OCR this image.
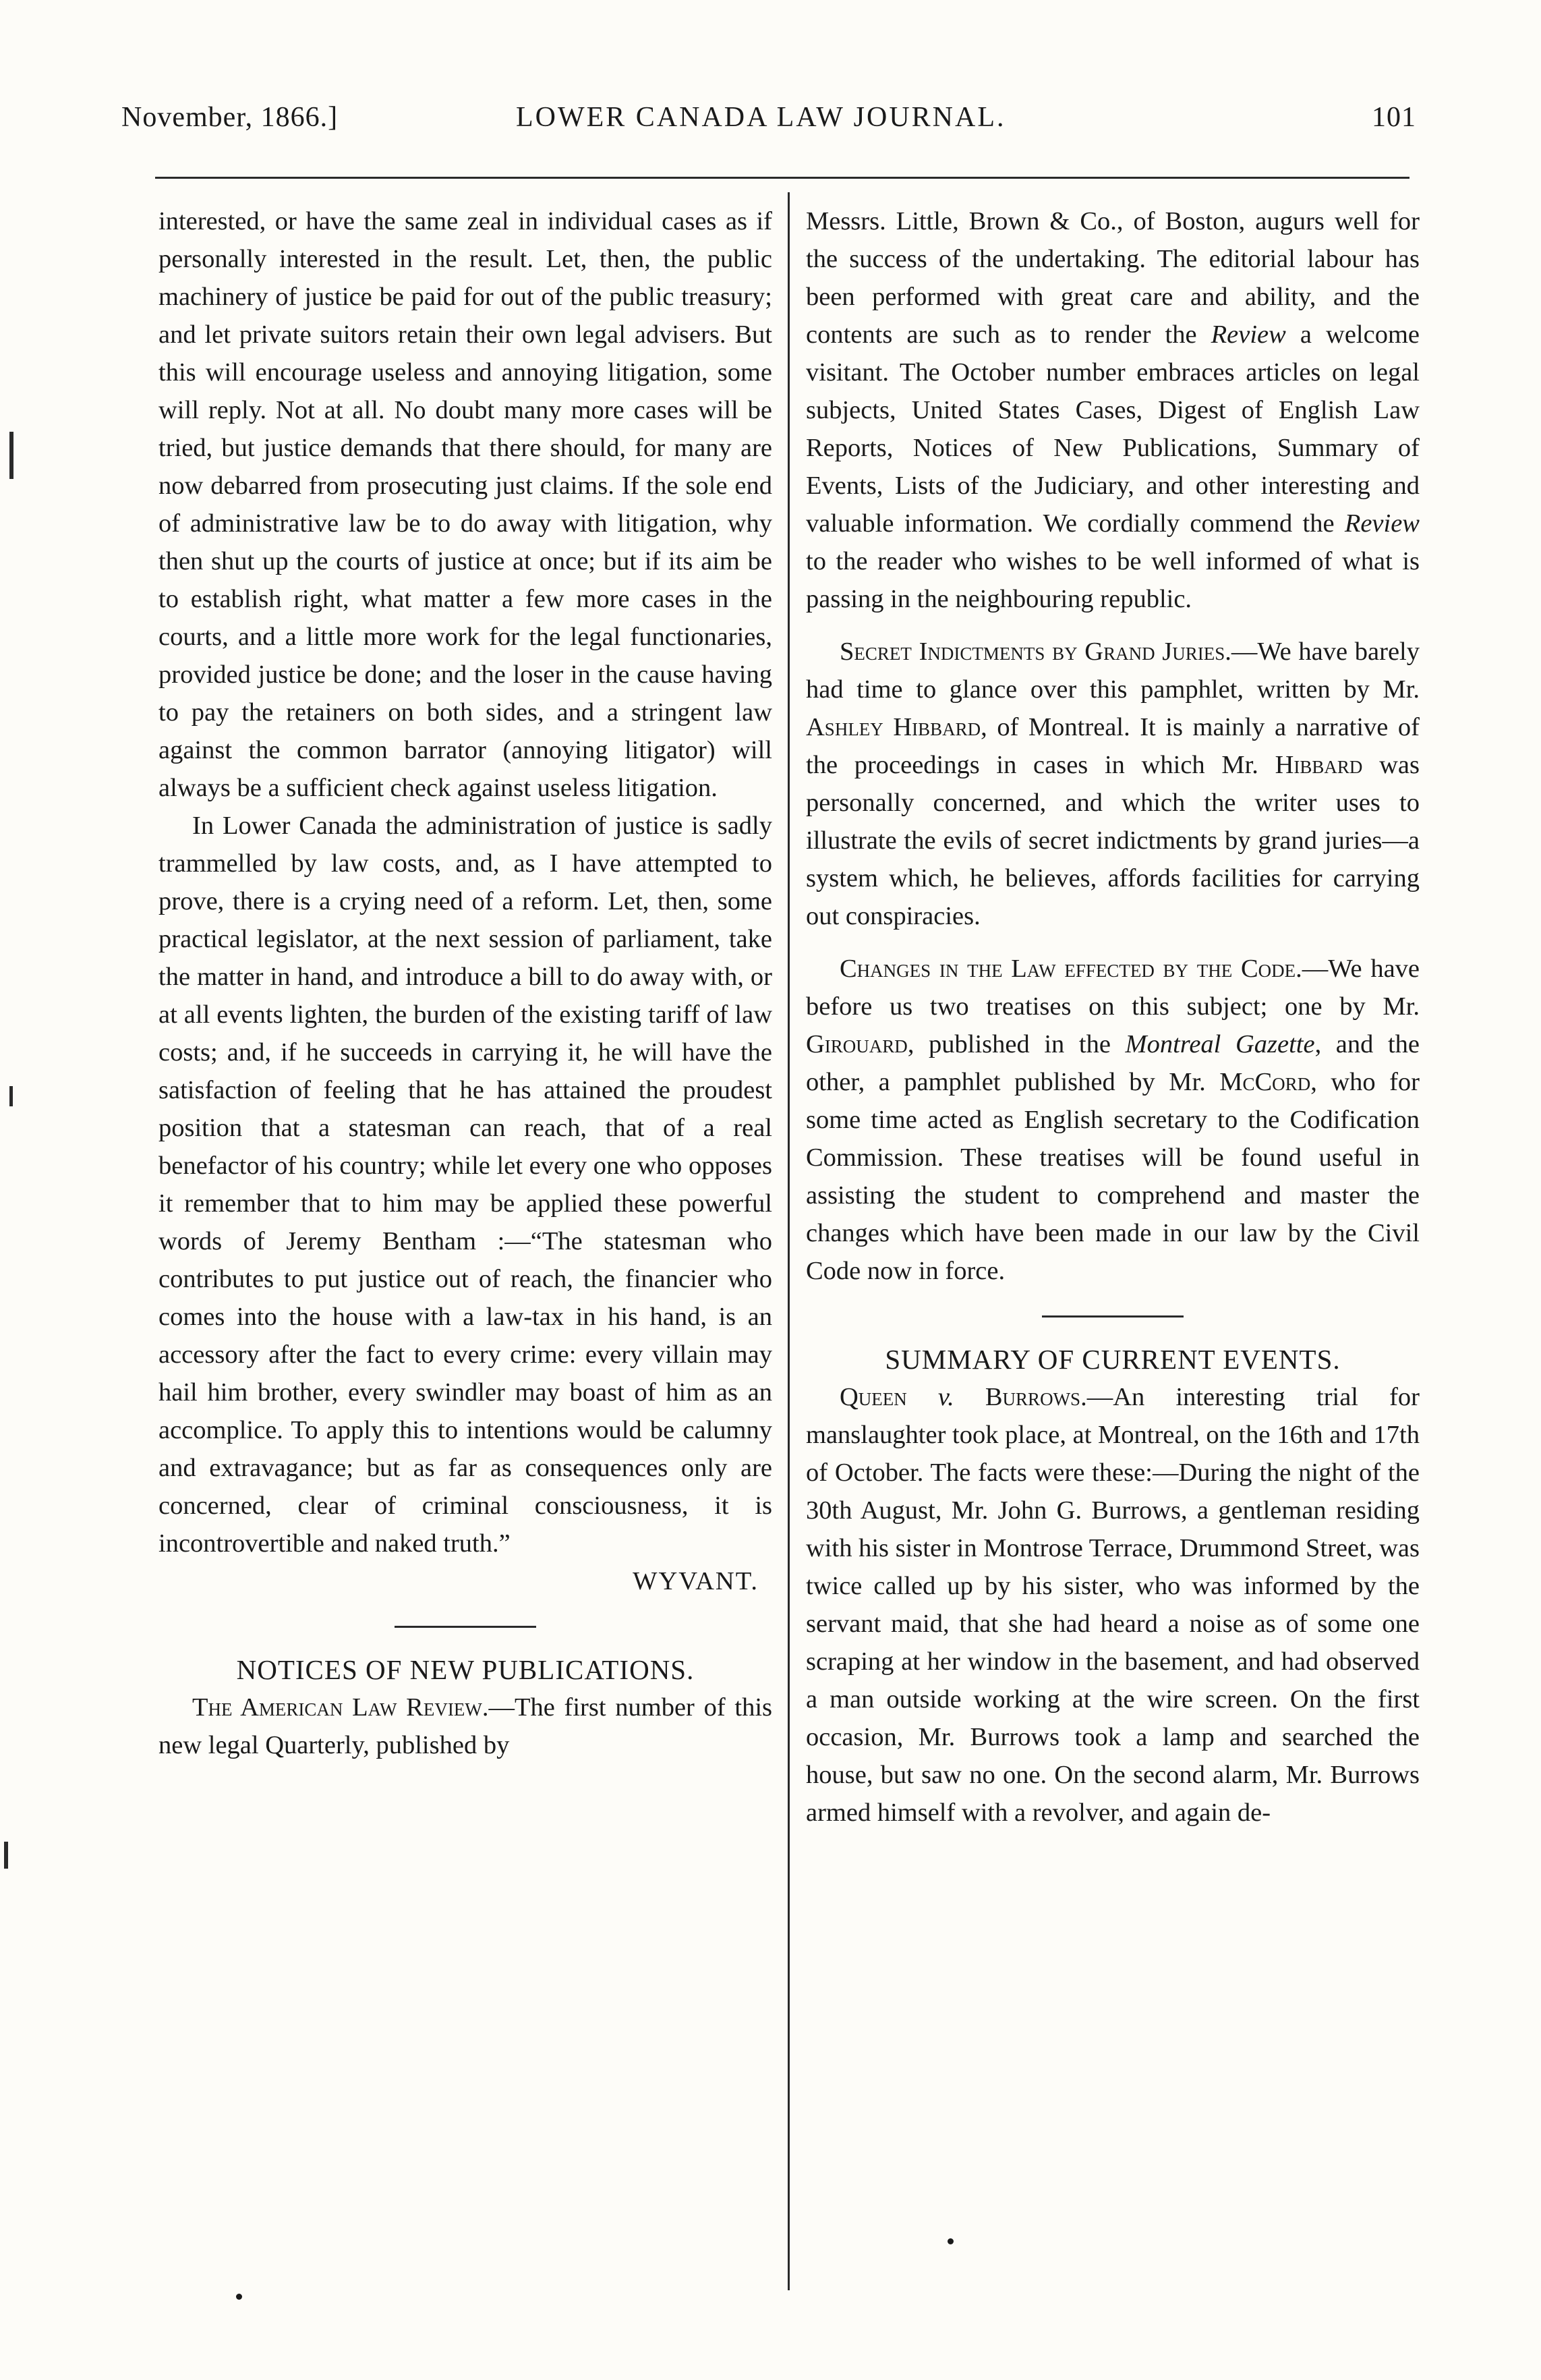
November, 1866.]	LOWER CANADA LAW JOURNAL.	101

interested, or have the same zeal in individual cases as if personally interested in the result. Let, then, the public machinery of justice be paid for out of the public treasury; and let private suitors retain their own legal advisers. But this will encourage useless and annoying litigation, some will reply. Not at all. No doubt many more cases will be tried, but justice demands that there should, for many are now debarred from prosecuting just claims. If the sole end of administrative law be to do away with litigation, why then shut up the courts of justice at once; but if its aim be to establish right, what matter a few more cases in the courts, and a little more work for the legal functionaries, provided justice be done; and the loser in the cause having to pay the retainers on both sides, and a stringent law against the common barrator (annoying litigator) will always be a sufficient check against useless litigation.

In Lower Canada the administration of justice is sadly trammelled by law costs, and, as I have attempted to prove, there is a crying need of a reform. Let, then, some practical legislator, at the next session of parliament, take the matter in hand, and introduce a bill to do away with, or at all events lighten, the burden of the existing tariff of law costs; and, if he succeeds in carrying it, he will have the satisfaction of feeling that he has attained the proudest position that a statesman can reach, that of a real benefactor of his country; while let every one who opposes it remember that to him may be applied these powerful words of Jeremy Bentham :—“The statesman who contributes to put justice out of reach, the financier who comes into the house with a law-tax in his hand, is an accessory after the fact to every crime: every villain may hail him brother, every swindler may boast of him as an accomplice. To apply this to intentions would be calumny and extravagance; but as far as consequences only are concerned, clear of criminal consciousness, it is incontrovertible and naked truth.”

WYVANT.

NOTICES OF NEW PUBLICATIONS.

The American Law Review.—The first number of this new legal Quarterly, published by

Messrs. Little, Brown & Co., of Boston, augurs well for the success of the undertaking. The editorial labour has been performed with great care and ability, and the contents are such as to render the Review a welcome visitant. The October number embraces articles on legal subjects, United States Cases, Digest of English Law Reports, Notices of New Publications, Summary of Events, Lists of the Judiciary, and other interesting and valuable information. We cordially commend the Review to the reader who wishes to be well informed of what is passing in the neighbouring republic.

Secret Indictments by Grand Juries.—We have barely had time to glance over this pamphlet, written by Mr. Ashley Hibbard, of Montreal. It is mainly a narrative of the proceedings in cases in which Mr. Hibbard was personally concerned, and which the writer uses to illustrate the evils of secret indictments by grand juries—a system which, he believes, affords facilities for carrying out conspiracies.

Changes in the Law effected by the Code.—We have before us two treatises on this subject; one by Mr. Girouard, published in the Montreal Gazette, and the other, a pamphlet published by Mr. McCord, who for some time acted as English secretary to the Codification Commission. These treatises will be found useful in assisting the student to comprehend and master the changes which have been made in our law by the Civil Code now in force.

SUMMARY OF CURRENT EVENTS.

Queen v. Burrows.—An interesting trial for manslaughter took place, at Montreal, on the 16th and 17th of October. The facts were these:—During the night of the 30th August, Mr. John G. Burrows, a gentleman residing with his sister in Montrose Terrace, Drummond Street, was twice called up by his sister, who was informed by the servant maid, that she had heard a noise as of some one scraping at her window in the basement, and had observed a man outside working at the wire screen. On the first occasion, Mr. Burrows took a lamp and searched the house, but saw no one. On the second alarm, Mr. Burrows armed himself with a revolver, and again de-
